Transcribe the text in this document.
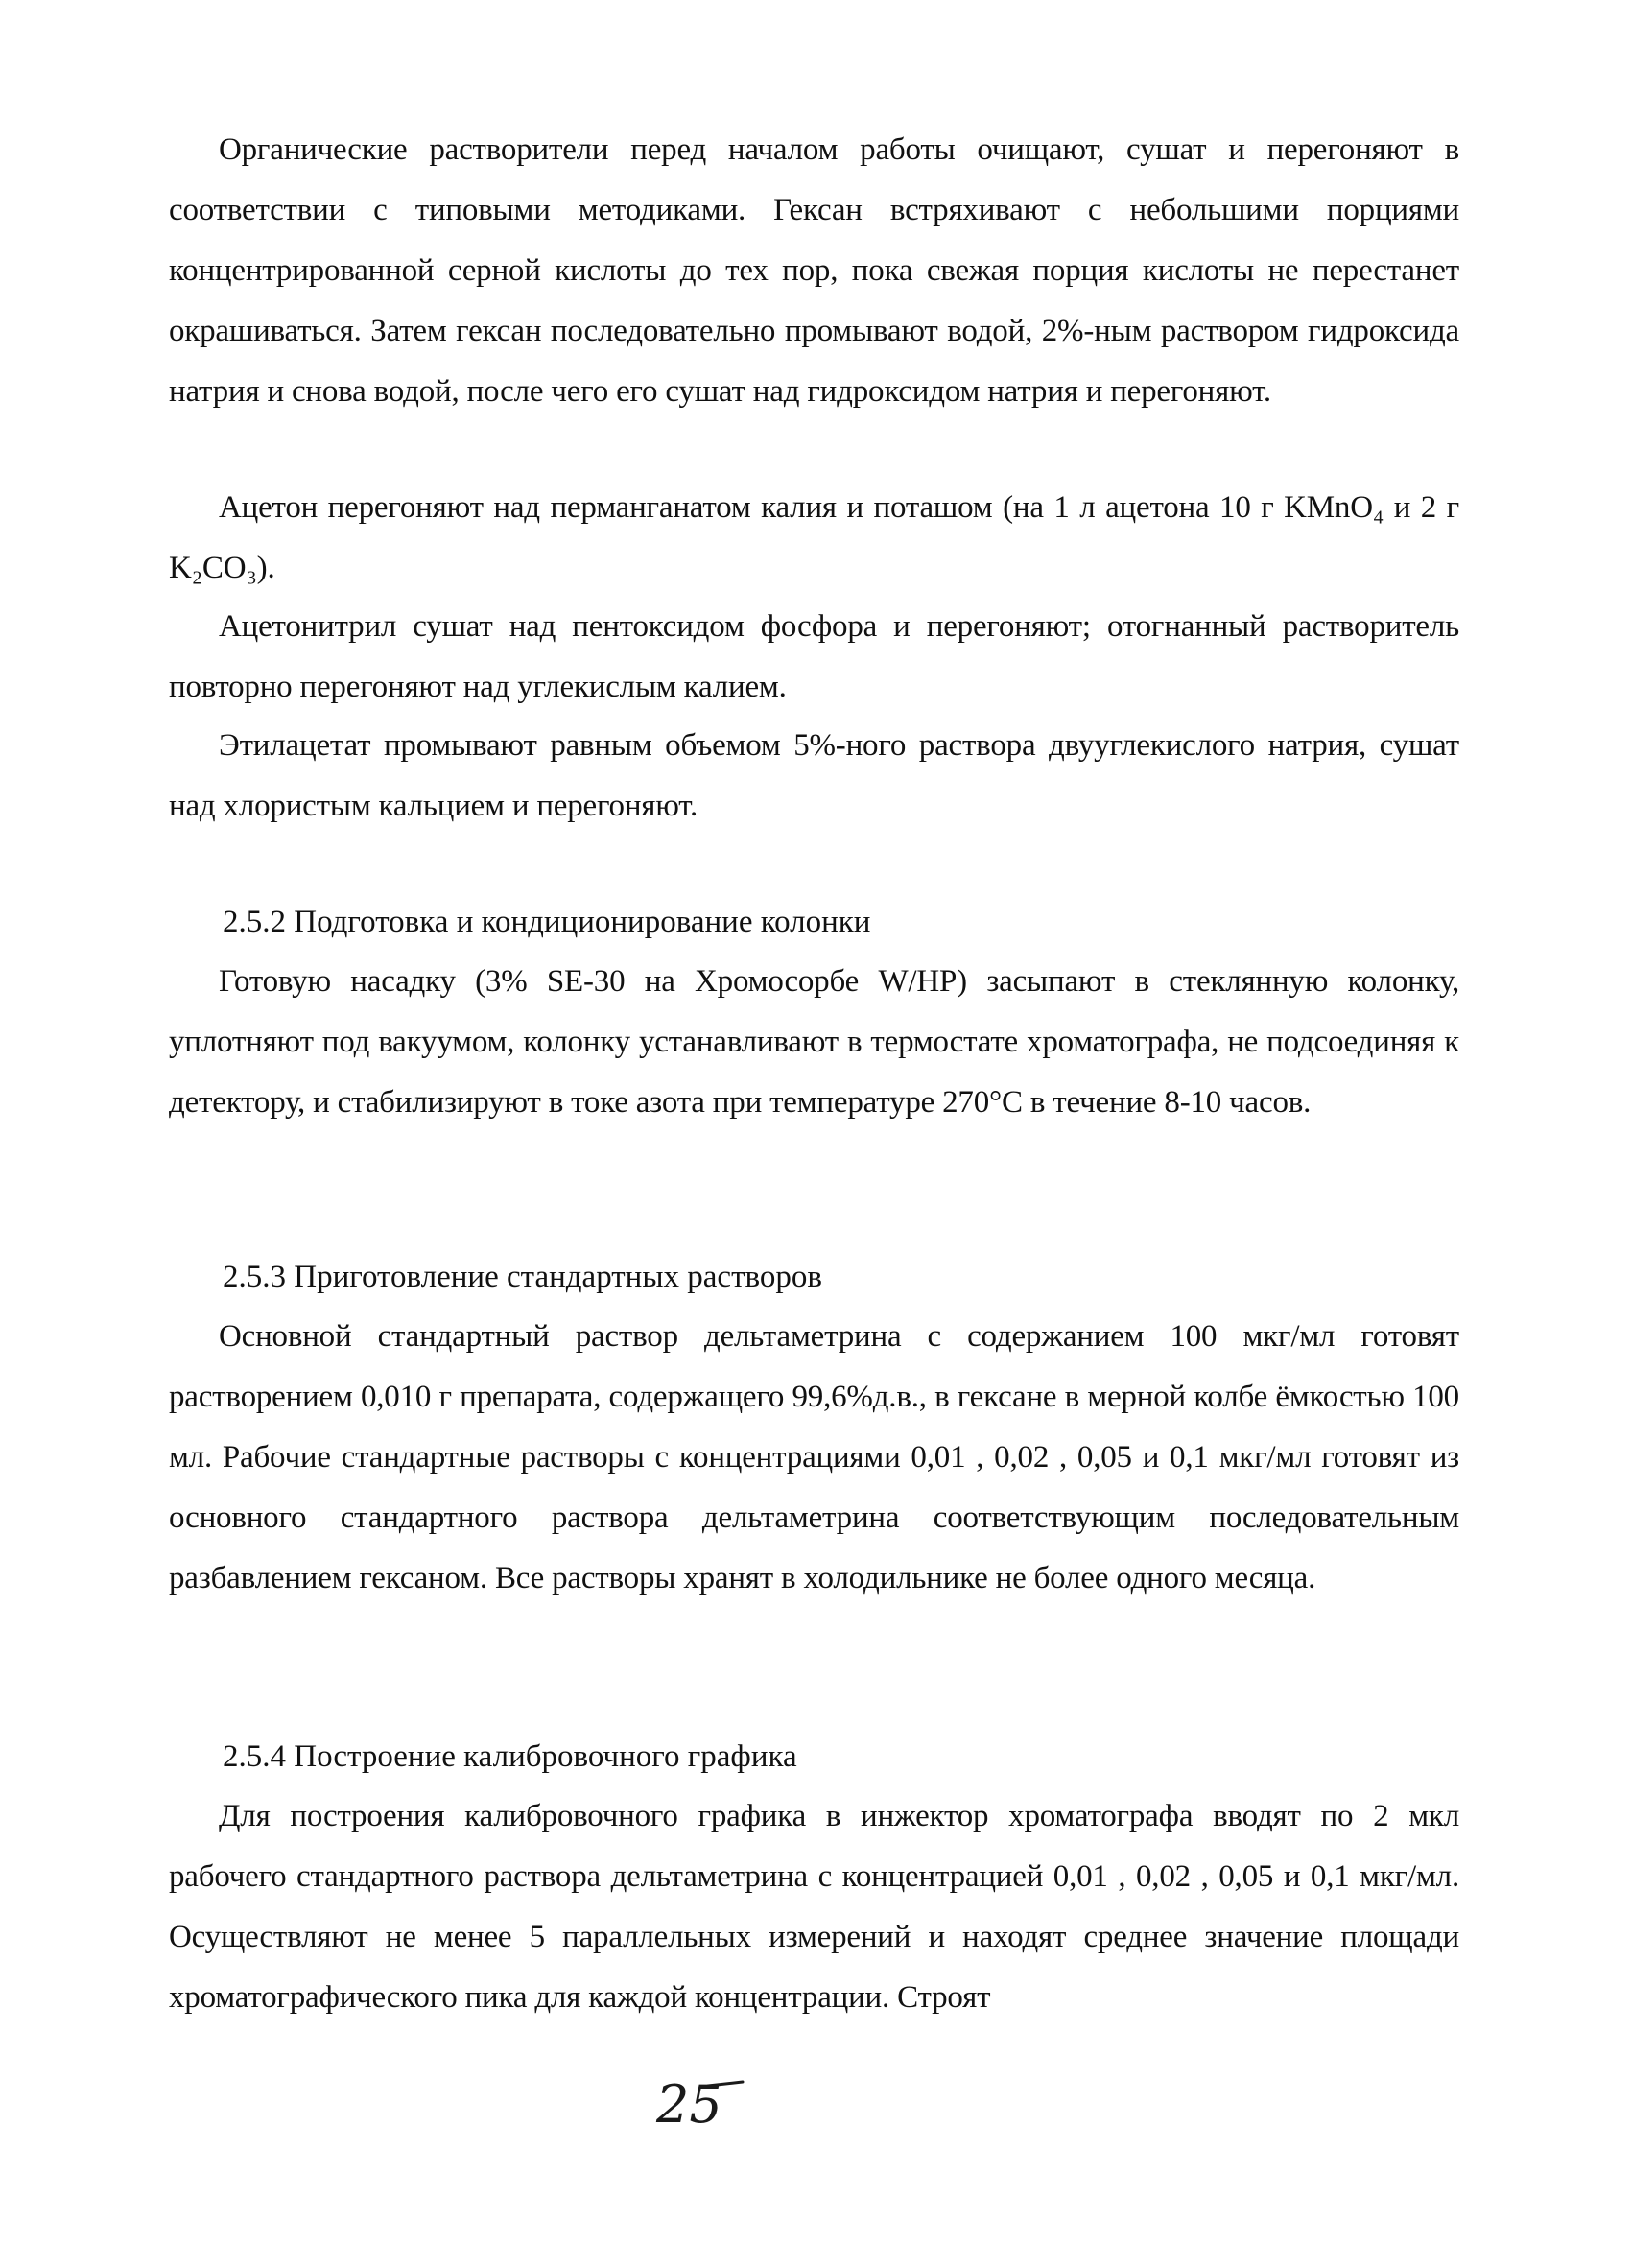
Органические растворители перед началом работы очищают, сушат и перегоняют в соответствии с типовыми методиками. Гексан встряхивают с небольшими порциями концентрированной серной кислоты до тех пор, пока свежая порция кислоты не перестанет окрашиваться. Затем гексан последовательно промывают водой, 2%-ным раствором гидроксида натрия и снова водой, после чего его сушат над гидроксидом натрия и перегоняют.

Ацетон перегоняют над перманганатом калия и поташом (на 1 л ацетона 10 г KMnO₄ и 2 г K₂CO₃).

Ацетонитрил сушат над пентоксидом фосфора и перегоняют; отогнанный растворитель повторно перегоняют над углекислым калием.

Этилацетат промывают равным объемом 5%-ного раствора двууглекислого натрия, сушат над хлористым кальцием и перегоняют.

2.5.2 Подготовка и кондиционирование колонки

Готовую насадку (3% SE-30 на Хромосорбе W/HP) засыпают в стеклянную колонку, уплотняют под вакуумом, колонку устанавливают в термостате хроматографа, не подсоединяя к детектору, и стабилизируют в токе азота при температуре 270°C в течение 8-10 часов.

2.5.3 Приготовление стандартных растворов

Основной стандартный раствор дельтаметрина с содержанием 100 мкг/мл готовят растворением 0,010 г препарата, содержащего 99,6%д.в., в гексане в мерной колбе ёмкостью 100 мл. Рабочие стандартные растворы с концентрациями 0,01 , 0,02 , 0,05 и 0,1 мкг/мл готовят из основного стандартного раствора дельтаметрина соответствующим последовательным разбавлением гексаном. Все растворы хранят в холодильнике не более одного месяца.

2.5.4 Построение калибровочного графика

Для построения калибровочного графика в инжектор хроматографа вводят по 2 мкл рабочего стандартного раствора дельтаметрина с концентрацией 0,01 , 0,02 , 0,05 и 0,1 мкг/мл. Осуществляют не менее 5 параллельных измерений и находят среднее значение площади хроматографического пика для каждой концентрации. Строят

25
